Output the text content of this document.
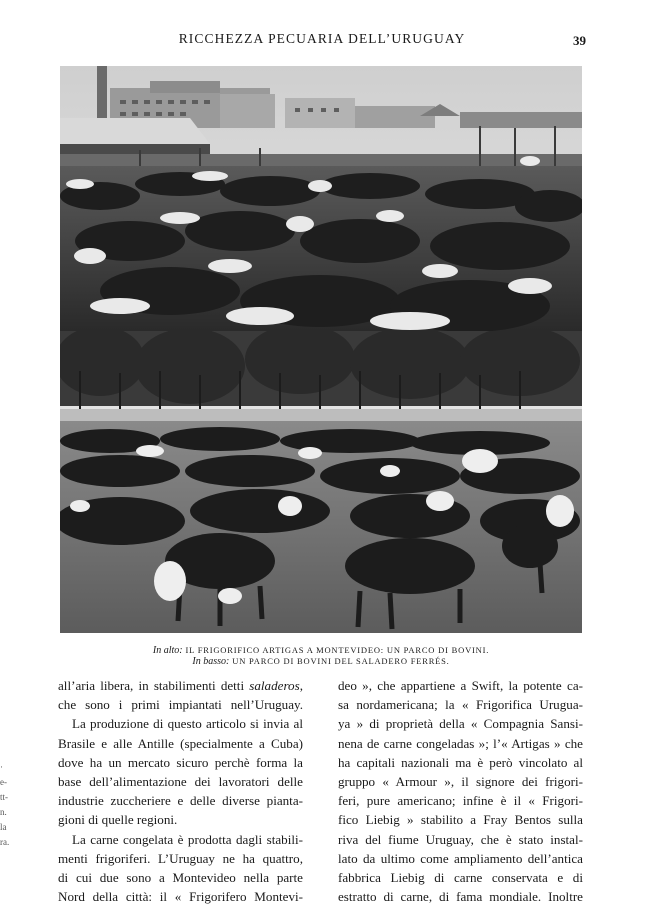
RICCHEZZA PECUARIA DELL’URUGUAY	39
In alto: IL FRIGORIFICO ARTIGAS A MONTEVIDEO: UN PARCO DI BOVINI.
In basso: UN PARCO DI BOVINI DEL SALADERO FERRÉS.
all’aria libera, in stabilimenti detti saladeros,
che sono i primi impiantati nell’Uruguay.
La produzione di questo articolo si invia al
Brasile e alle Antille (specialmente a Cuba)
dove ha un mercato sicuro perchè forma la
base dell’alimentazione dei lavoratori delle
industrie zuccheriere e delle diverse pianta-
gioni di quelle regioni.
La carne congelata è prodotta dagli stabili-
menti frigoriferi. L’Uruguay ne ha quattro,
di cui due sono a Montevideo nella parte
Nord della città: il « Frigorifero Montevi-
deo », che appartiene a Swift, la potente ca-
sa nordamericana; la « Frigorifica Urugua-
ya » di proprietà della « Compagnia Sansi-
nena de carne congeladas »; l’« Artigas » che
ha capitali nazionali ma è però vincolato al
gruppo « Armour », il signore dei frigori-
feri, pure americano; infine è il « Frigori-
fico Liebig » stabilito a Fray Bentos sulla
riva del fiume Uruguay, che è stato instal-
lato da ultimo come ampliamento dell’antica
fabbrica Liebig di carne conservata e di
estratto di carne, di fama mondiale. Inoltre
·
e-
tt-
n.
la
ra.
